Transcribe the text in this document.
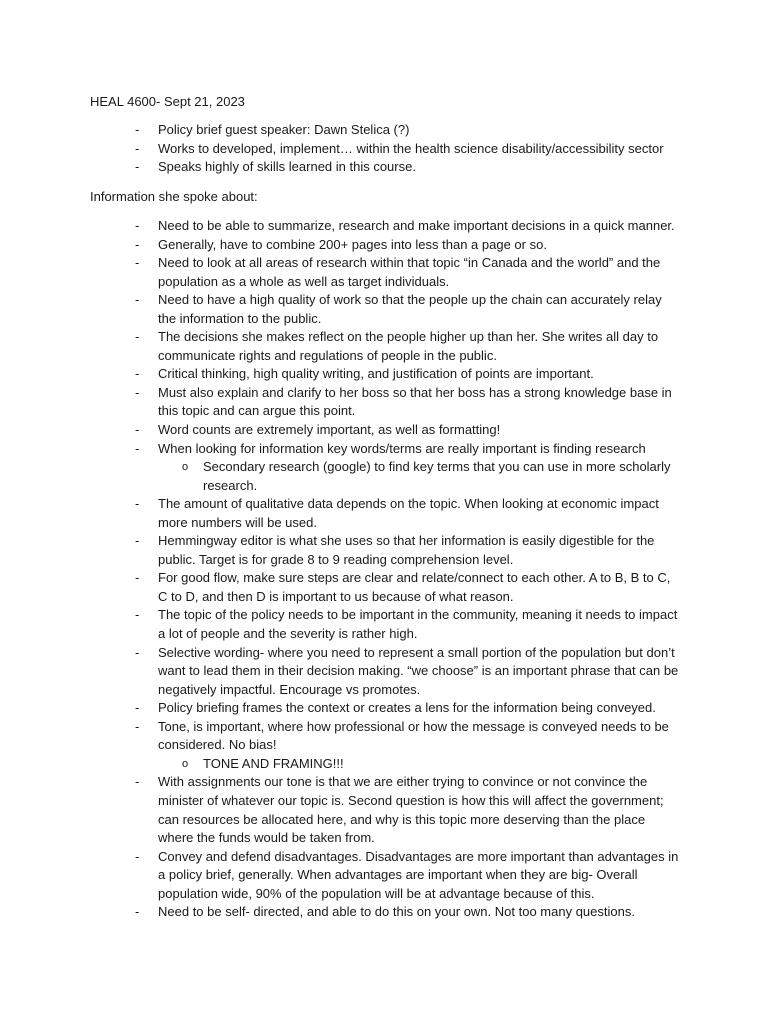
HEAL 4600- Sept 21, 2023

- Policy brief guest speaker: Dawn Stelica (?)
- Works to developed, implement… within the health science disability/accessibility sector
- Speaks highly of skills learned in this course.

Information she spoke about:

- Need to be able to summarize, research and make important decisions in a quick manner.
- Generally, have to combine 200+ pages into less than a page or so.
- Need to look at all areas of research within that topic “in Canada and the world” and the population as a whole as well as target individuals.
- Need to have a high quality of work so that the people up the chain can accurately relay the information to the public.
- The decisions she makes reflect on the people higher up than her. She writes all day to communicate rights and regulations of people in the public.
- Critical thinking, high quality writing, and justification of points are important.
- Must also explain and clarify to her boss so that her boss has a strong knowledge base in this topic and can argue this point.
- Word counts are extremely important, as well as formatting!
- When looking for information key words/terms are really important is finding research
o Secondary research (google) to find key terms that you can use in more scholarly research.
- The amount of qualitative data depends on the topic. When looking at economic impact more numbers will be used.
- Hemmingway editor is what she uses so that her information is easily digestible for the public. Target is for grade 8 to 9 reading comprehension level.
- For good flow, make sure steps are clear and relate/connect to each other. A to B, B to C, C to D, and then D is important to us because of what reason.
- The topic of the policy needs to be important in the community, meaning it needs to impact a lot of people and the severity is rather high.
- Selective wording- where you need to represent a small portion of the population but don’t want to lead them in their decision making. “we choose” is an important phrase that can be negatively impactful. Encourage vs promotes.
- Policy briefing frames the context or creates a lens for the information being conveyed.
- Tone, is important, where how professional or how the message is conveyed needs to be considered. No bias!
o TONE AND FRAMING!!!
- With assignments our tone is that we are either trying to convince or not convince the minister of whatever our topic is. Second question is how this will affect the government; can resources be allocated here, and why is this topic more deserving than the place where the funds would be taken from.
- Convey and defend disadvantages. Disadvantages are more important than advantages in a policy brief, generally. When advantages are important when they are big- Overall population wide, 90% of the population will be at advantage because of this.
- Need to be self- directed, and able to do this on your own. Not too many questions.
